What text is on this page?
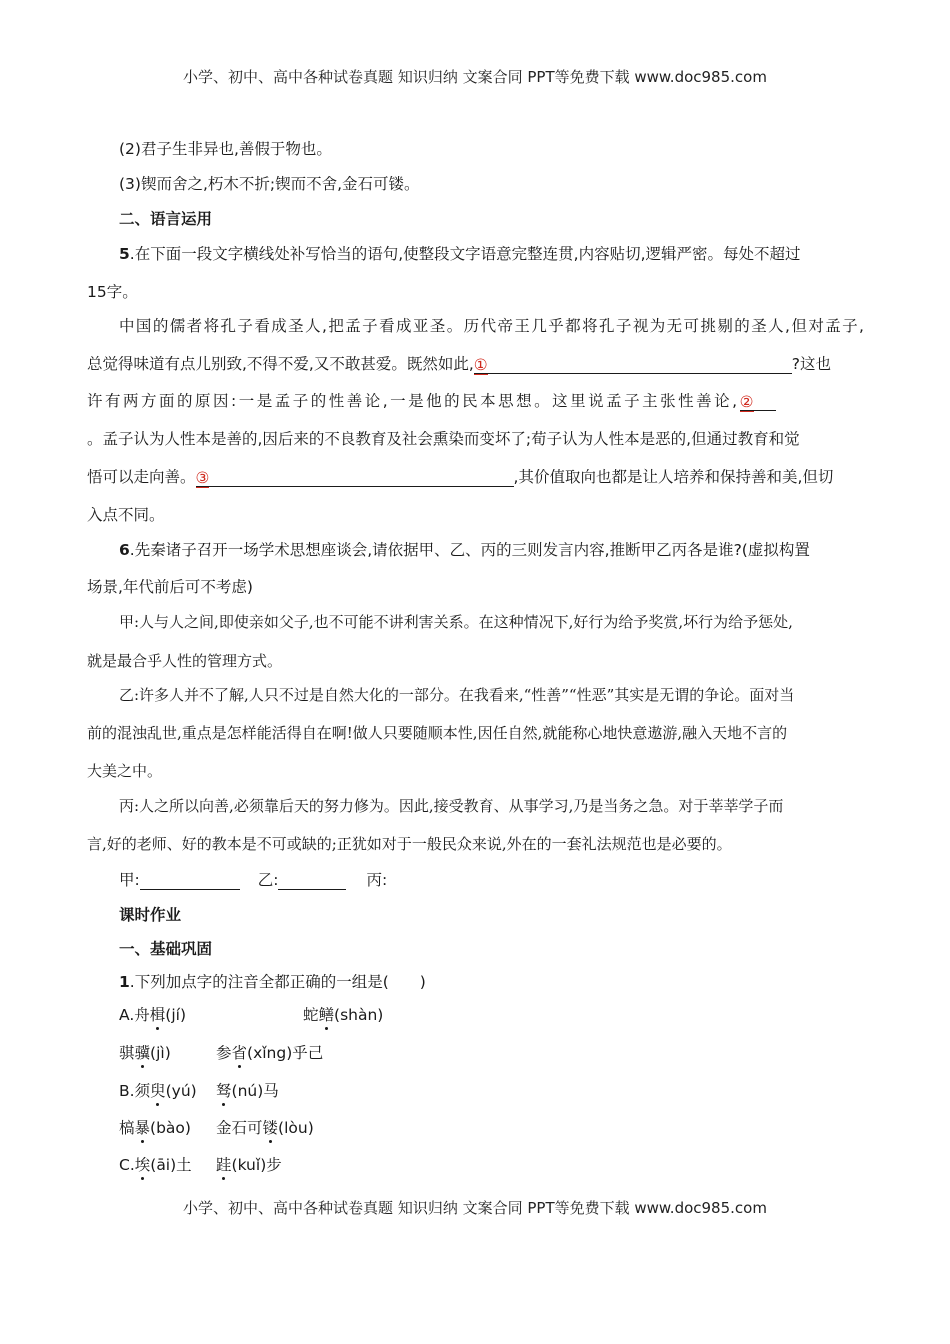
小学、初中、高中各种试卷真题 知识归纳 文案合同 PPT等免费下载 www.doc985.com
(2)君子生非异也,善假于物也。
(3)锲而舍之,朽木不折;锲而不舍,金石可镂。
二、语言运用
5.在下面一段文字横线处补写恰当的语句,使整段文字语意完整连贯,内容贴切,逻辑严密。每处不超过
15字。
中国的儒者将孔子看成圣人,把孟子看成亚圣。历代帝王几乎都将孔子视为无可挑剔的圣人,但对孟子,
总觉得味道有点儿别致,不得不爱,又不敢甚爱。既然如此,①	?这也
许有两方面的原因:一是孟子的性善论,一是他的民本思想。这里说孟子主张性善论,②
。孟子认为人性本是善的,因后来的不良教育及社会熏染而变坏了;荀子认为人性本是恶的,但通过教育和觉
悟可以走向善。③	,其价值取向也都是让人培养和保持善和美,但切
入点不同。
6.先秦诸子召开一场学术思想座谈会,请依据甲、乙、丙的三则发言内容,推断甲乙丙各是谁?(虚拟构置
场景,年代前后可不考虑)
甲:人与人之间,即使亲如父子,也不可能不讲利害关系。在这种情况下,好行为给予奖赏,坏行为给予惩处,
就是最合乎人性的管理方式。
乙:许多人并不了解,人只不过是自然大化的一部分。在我看来,“性善”“性恶”其实是无谓的争论。面对当
前的混浊乱世,重点是怎样能活得自在啊!做人只要随顺本性,因任自然,就能称心地快意遨游,融入天地不言的
大美之中。
丙:人之所以向善,必须靠后天的努力修为。因此,接受教育、从事学习,乃是当务之急。对于莘莘学子而
言,好的老师、好的教本是不可或缺的;正犹如对于一般民众来说,外在的一套礼法规范也是必要的。
甲:	乙:	丙:
课时作业
一、基础巩固
1.下列加点字的注音全都正确的一组是(　　)
A.舟楫(jí)	蛇鳝(shàn)
骐骥(jì)	参省(xǐng)乎己
B.须臾(yú)	驽(nú)马
槁暴(bào)	金石可镂(lòu)
C.埃(āi)土	跬(kuǐ)步
小学、初中、高中各种试卷真题 知识归纳 文案合同 PPT等免费下载 www.doc985.com
